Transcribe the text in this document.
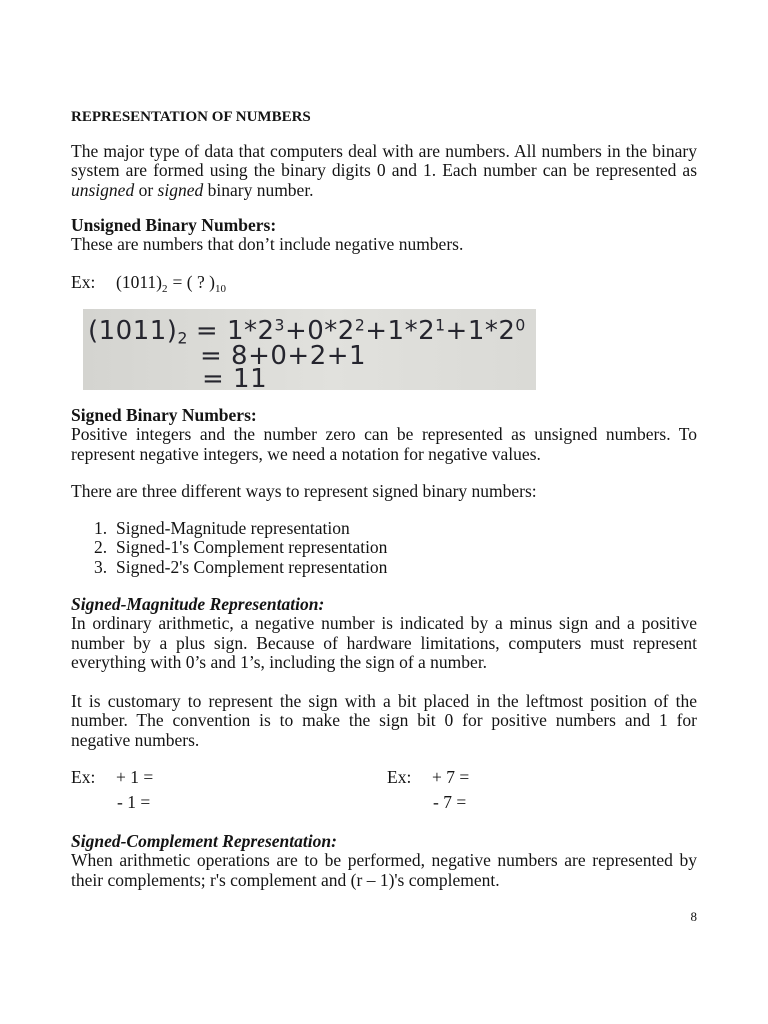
REPRESENTATION OF NUMBERS
The major type of data that computers deal with are numbers. All numbers in the binary
system are formed using the binary digits 0 and 1. Each number can be represented as
unsigned or signed binary number.
Unsigned Binary Numbers:
These are numbers that don’t include negative numbers.
Ex: $(1011)_2$ = ( ? )$_{10}$
$(1011)2 = 1*2^3+0*2^2+1*2^1+1*2^0$
= 8+0+2+1
= 11
Signed Binary Numbers:
Positive integers and the number zero can be represented as unsigned numbers. To
represent negative integers, we need a notation for negative values.
There are three different ways to represent signed binary numbers:
1. Signed-Magnitude representation
2. Signed-1's Complement representation
3. Signed-2's Complement representation
Signed-Magnitude Representation:
In ordinary arithmetic, a negative number is indicated by a minus sign and a positive
number by a plus sign. Because of hardware limitations, computers must represent
everything with 0’s and 1’s, including the sign of a number.
It is customary to represent the sign with a bit placed in the leftmost position of the
number. The convention is to make the sign bit 0 for positive numbers and 1 for
negative numbers.
Ex: + 1 =
- 1 =
Ex: + 7 =
- 7 =
Signed-Complement Representation:
When arithmetic operations are to be performed, negative numbers are represented by
their complements; r's complement and (r – 1)'s complement.
8
